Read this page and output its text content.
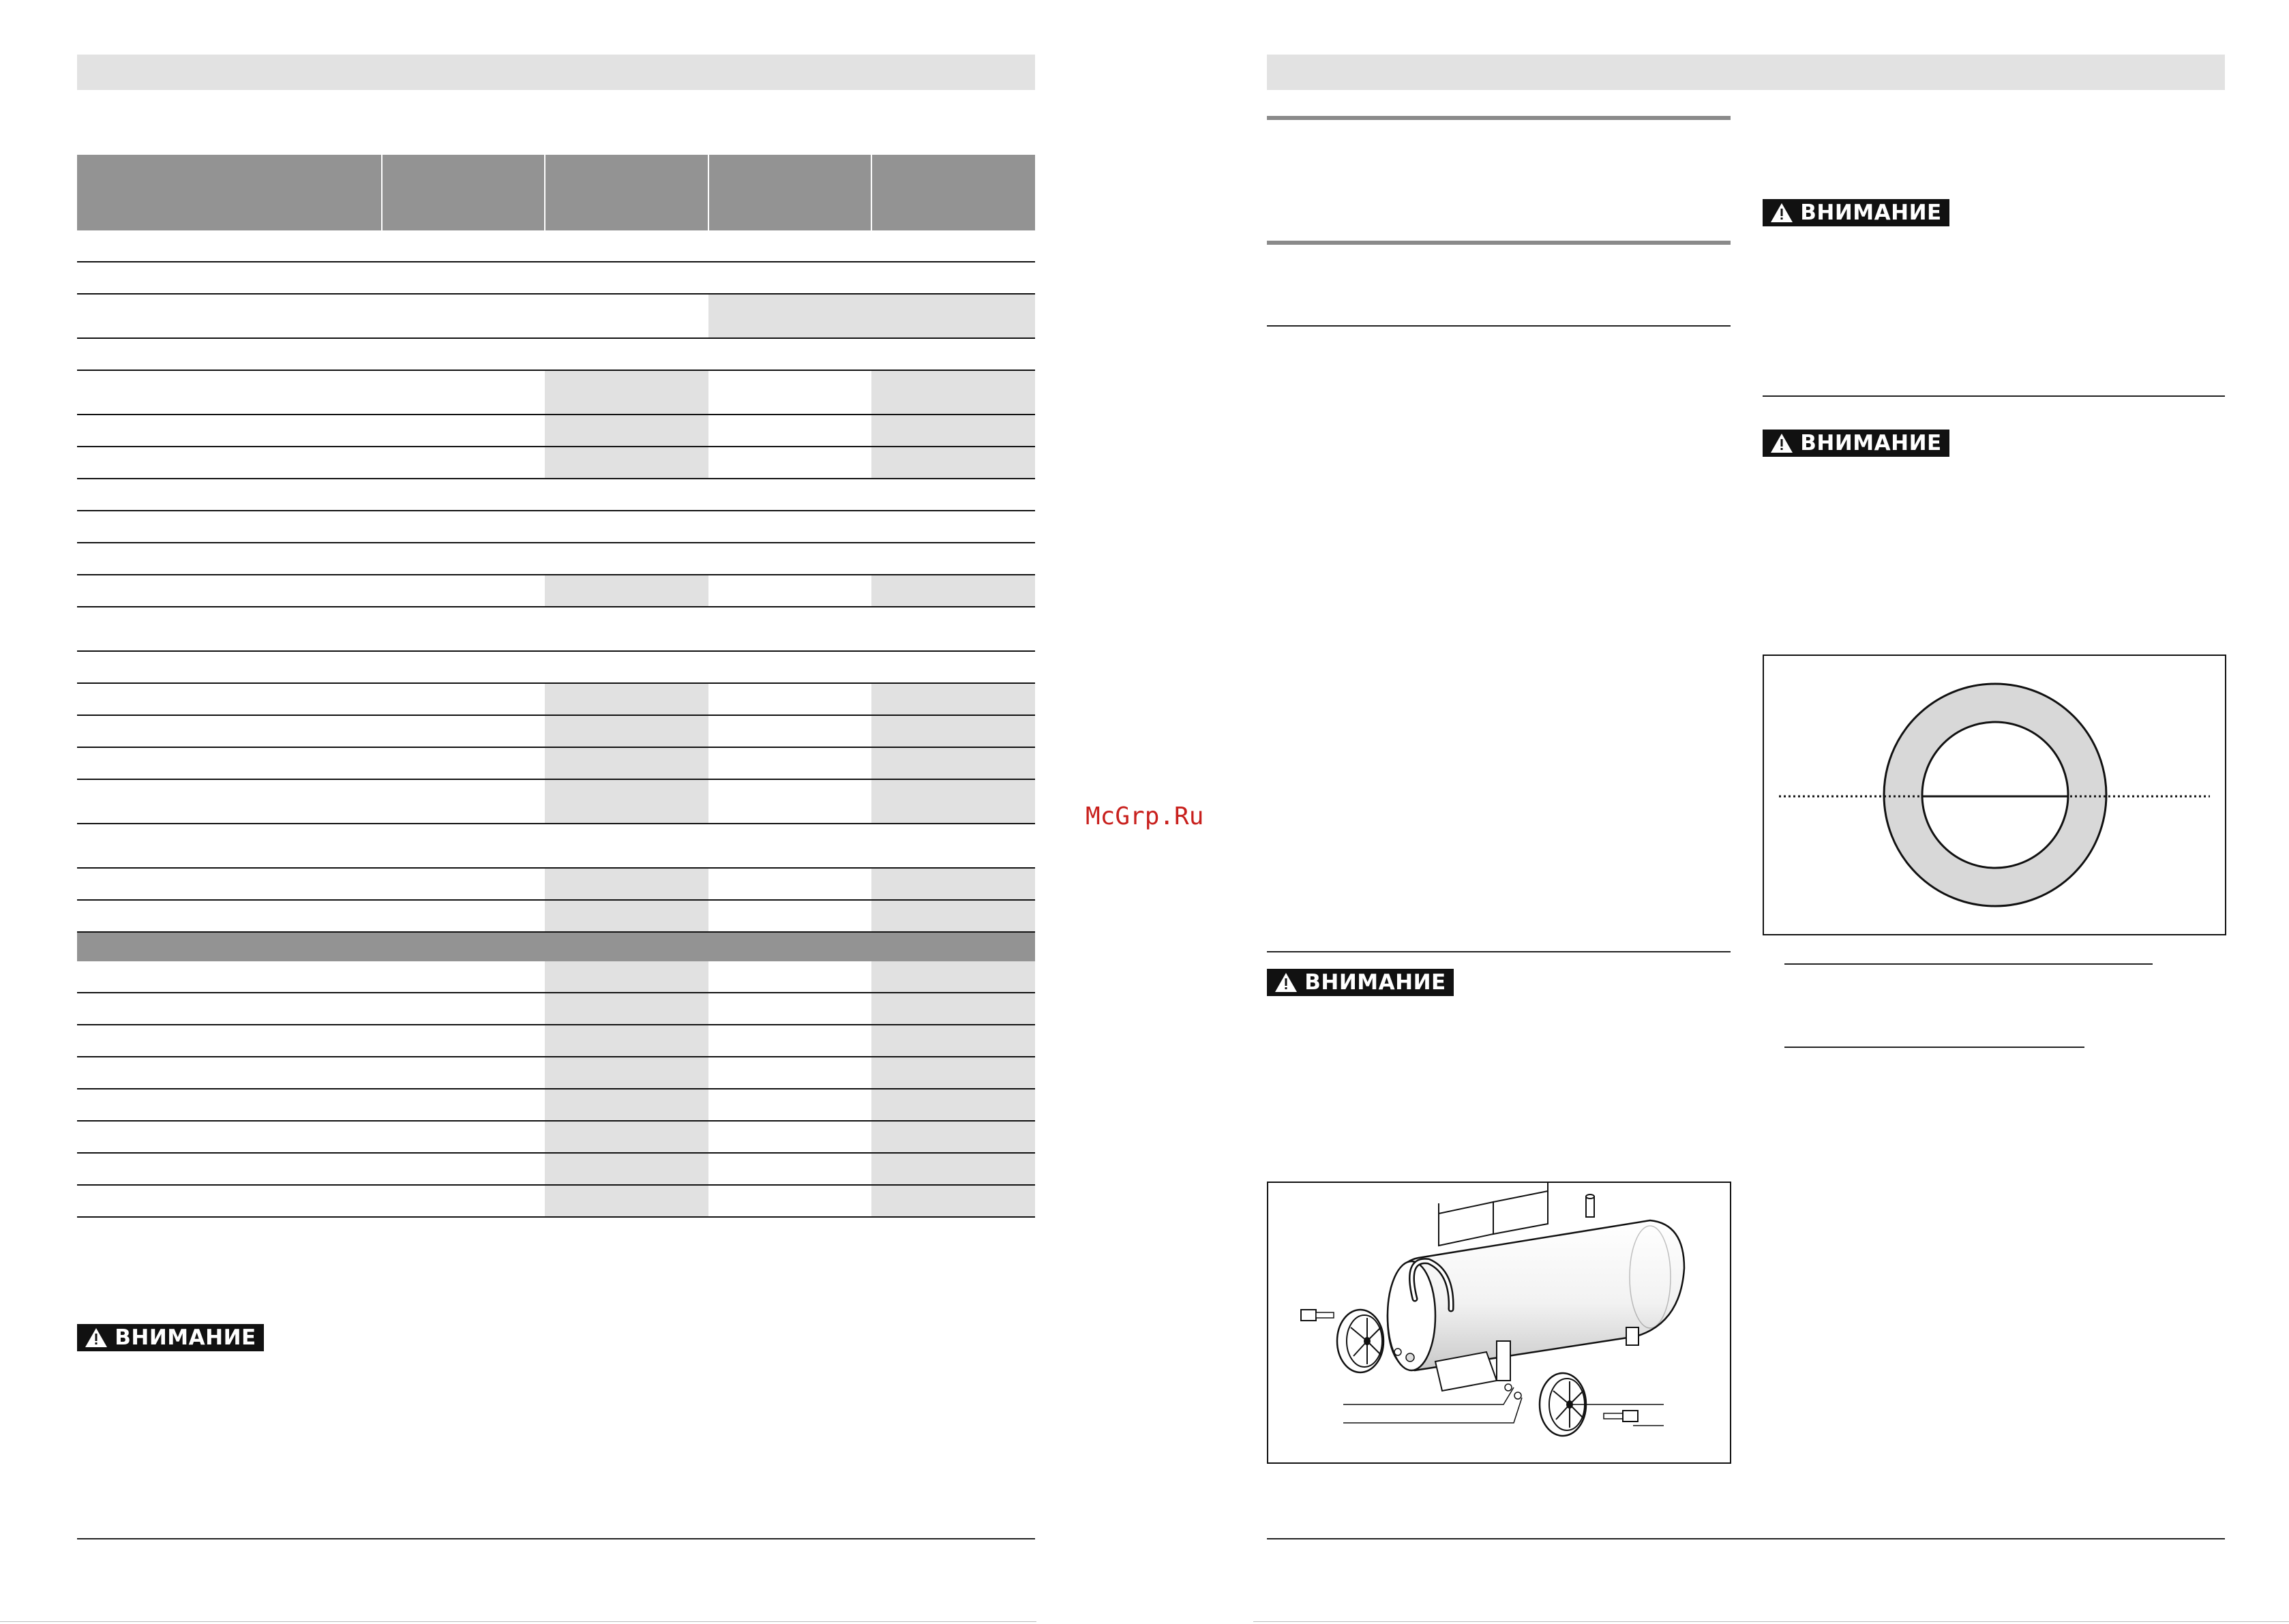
ВНИМАНИЕ
McGrp.Ru
ВНИМАНИЕ
ВНИМАНИЕ
ВНИМАНИЕ
